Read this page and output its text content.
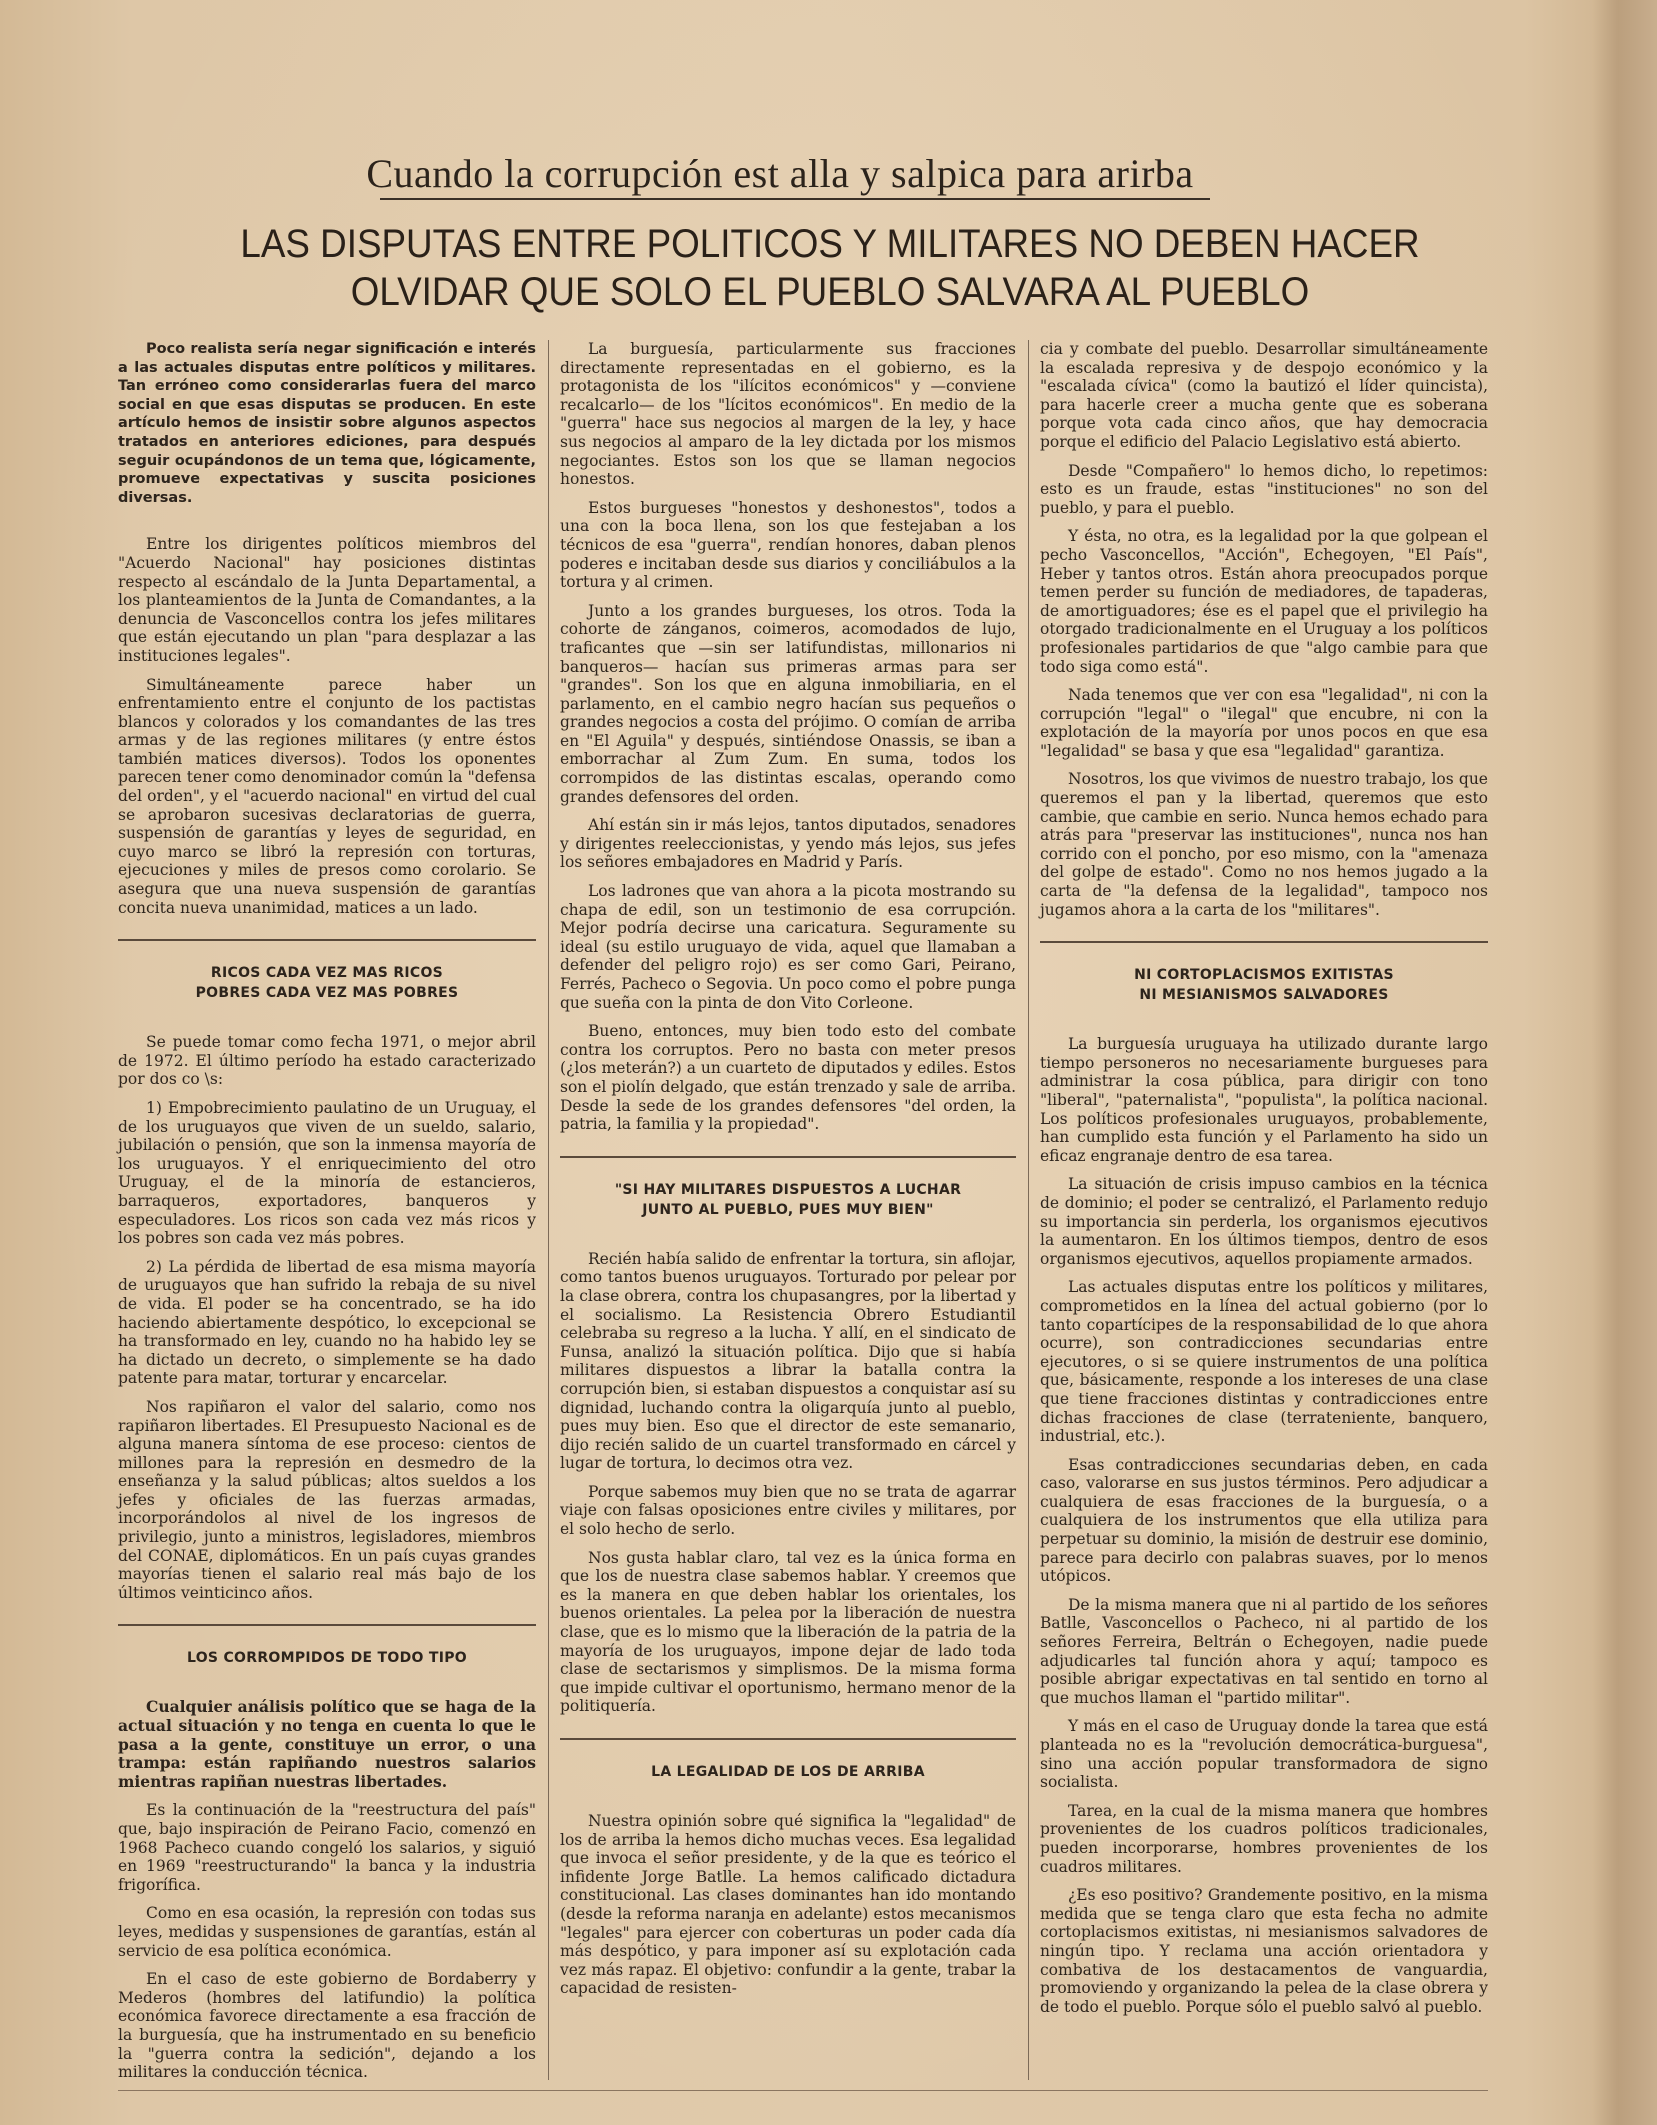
Cuando la corrupción est alla y salpica para arirba
LAS DISPUTAS ENTRE POLITICOS Y MILITARES NO DEBEN HACER
OLVIDAR QUE SOLO EL PUEBLO SALVARA AL PUEBLO

Poco realista sería negar significación e interés a las actuales disputas entre políticos y militares. Tan erróneo como considerarlas fuera del marco social en que esas disputas se producen. En este artículo hemos de insistir sobre algunos aspectos tratados en anteriores ediciones, para después seguir ocupándonos de un tema que, lógicamente, promueve expectativas y suscita posiciones diversas.

Entre los dirigentes políticos miembros del "Acuerdo Nacional" hay posiciones distintas respecto al escándalo de la Junta Departamental, a los planteamientos de la Junta de Comandantes, a la denuncia de Vasconcellos contra los jefes militares que están ejecutando un plan "para desplazar a las instituciones legales".

Simultáneamente parece haber un enfrentamiento entre el conjunto de los pactistas blancos y colorados y los comandantes de las tres armas y de las regiones militares (y entre éstos también matices diversos). Todos los oponentes parecen tener como denominador común la "defensa del orden", y el "acuerdo nacional" en virtud del cual se aprobaron sucesivas declaratorias de guerra, suspensión de garantías y leyes de seguridad, en cuyo marco se libró la represión con torturas, ejecuciones y miles de presos como corolario. Se asegura que una nueva suspensión de garantías concita nueva unanimidad, matices a un lado.

RICOS CADA VEZ MAS RICOS
POBRES CADA VEZ MAS POBRES

Se puede tomar como fecha 1971, o mejor abril de 1972. El último período ha estado caracterizado por dos co \s:

1) Empobrecimiento paulatino de un Uruguay, el de los uruguayos que viven de un sueldo, salario, jubilación o pensión, que son la inmensa mayoría de los uruguayos. Y el enriquecimiento del otro Uruguay, el de la minoría de estancieros, barraqueros, exportadores, banqueros y especuladores. Los ricos son cada vez más ricos y los pobres son cada vez más pobres.

2) La pérdida de libertad de esa misma mayoría de uruguayos que han sufrido la rebaja de su nivel de vida. El poder se ha concentrado, se ha ido haciendo abiertamente despótico, lo excepcional se ha transformado en ley, cuando no ha habido ley se ha dictado un decreto, o simplemente se ha dado patente para matar, torturar y encarcelar.

Nos rapiñaron el valor del salario, como nos rapiñaron libertades. El Presupuesto Nacional es de alguna manera síntoma de ese proceso: cientos de millones para la represión en desmedro de la enseñanza y la salud públicas; altos sueldos a los jefes y oficiales de las fuerzas armadas, incorporándolos al nivel de los ingresos de privilegio, junto a ministros, legisladores, miembros del CONAE, diplomáticos. En un país cuyas grandes mayorías tienen el salario real más bajo de los últimos veinticinco años.

LOS CORROMPIDOS DE TODO TIPO

Cualquier análisis político que se haga de la actual situación y no tenga en cuenta lo que le pasa a la gente, constituye un error, o una trampa: están rapiñando nuestros salarios mientras rapiñan nuestras libertades.

Es la continuación de la "reestructura del país" que, bajo inspiración de Peirano Facio, comenzó en 1968 Pacheco cuando congeló los salarios, y siguió en 1969 "reestructurando" la banca y la industria frigorífica.

Como en esa ocasión, la represión con todas sus leyes, medidas y suspensiones de garantías, están al servicio de esa política económica.

En el caso de este gobierno de Bordaberry y Mederos (hombres del latifundio) la política económica favorece directamente a esa fracción de la burguesía, que ha instrumentado en su beneficio la "guerra contra la sedición", dejando a los militares la conducción técnica.

La burguesía, particularmente sus fracciones directamente representadas en el gobierno, es la protagonista de los "ilícitos económicos" y —conviene recalcarlo— de los "lícitos económicos". En medio de la "guerra" hace sus negocios al margen de la ley, y hace sus negocios al amparo de la ley dictada por los mismos negociantes. Estos son los que se llaman negocios honestos.

Estos burgueses "honestos y deshonestos", todos a una con la boca llena, son los que festejaban a los técnicos de esa "guerra", rendían honores, daban plenos poderes e incitaban desde sus diarios y conciliábulos a la tortura y al crimen.

Junto a los grandes burgueses, los otros. Toda la cohorte de zánganos, coimeros, acomodados de lujo, traficantes que —sin ser latifundistas, millonarios ni banqueros— hacían sus primeras armas para ser "grandes". Son los que en alguna inmobiliaria, en el parlamento, en el cambio negro hacían sus pequeños o grandes negocios a costa del prójimo. O comían de arriba en "El Aguila" y después, sintiéndose Onassis, se iban a emborrachar al Zum Zum. En suma, todos los corrompidos de las distintas escalas, operando como grandes defensores del orden.

Ahí están sin ir más lejos, tantos diputados, senadores y dirigentes reeleccionistas, y yendo más lejos, sus jefes los señores embajadores en Madrid y París.

Los ladrones que van ahora a la picota mostrando su chapa de edil, son un testimonio de esa corrupción. Mejor podría decirse una caricatura. Seguramente su ideal (su estilo uruguayo de vida, aquel que llamaban a defender del peligro rojo) es ser como Gari, Peirano, Ferrés, Pacheco o Segovia. Un poco como el pobre punga que sueña con la pinta de don Vito Corleone.

Bueno, entonces, muy bien todo esto del combate contra los corruptos. Pero no basta con meter presos (¿los meterán?) a un cuarteto de diputados y ediles. Estos son el piolín delgado, que están trenzado y sale de arriba. Desde la sede de los grandes defensores "del orden, la patria, la familia y la propiedad".

"SI HAY MILITARES DISPUESTOS A LUCHAR
JUNTO AL PUEBLO, PUES MUY BIEN"

Recién había salido de enfrentar la tortura, sin aflojar, como tantos buenos uruguayos. Torturado por pelear por la clase obrera, contra los chupasangres, por la libertad y el socialismo. La Resistencia Obrero Estudiantil celebraba su regreso a la lucha. Y allí, en el sindicato de Funsa, analizó la situación política. Dijo que si había militares dispuestos a librar la batalla contra la corrupción bien, si estaban dispuestos a conquistar así su dignidad, luchando contra la oligarquía junto al pueblo, pues muy bien. Eso que el director de este semanario, dijo recién salido de un cuartel transformado en cárcel y lugar de tortura, lo decimos otra vez.

Porque sabemos muy bien que no se trata de agarrar viaje con falsas oposiciones entre civiles y militares, por el solo hecho de serlo.

Nos gusta hablar claro, tal vez es la única forma en que los de nuestra clase sabemos hablar. Y creemos que es la manera en que deben hablar los orientales, los buenos orientales. La pelea por la liberación de nuestra clase, que es lo mismo que la liberación de la patria de la mayoría de los uruguayos, impone dejar de lado toda clase de sectarismos y simplismos. De la misma forma que impide cultivar el oportunismo, hermano menor de la politiquería.

LA LEGALIDAD DE LOS DE ARRIBA

Nuestra opinión sobre qué significa la "legalidad" de los de arriba la hemos dicho muchas veces. Esa legalidad que invoca el señor presidente, y de la que es teórico el infidente Jorge Batlle. La hemos calificado dictadura constitucional. Las clases dominantes han ido montando (desde la reforma naranja en adelante) estos mecanismos "legales" para ejercer con coberturas un poder cada día más despótico, y para imponer así su explotación cada vez más rapaz. El objetivo: confundir a la gente, trabar la capacidad de resisten-

cia y combate del pueblo. Desarrollar simultáneamente la escalada represiva y de despojo económico y la "escalada cívica" (como la bautizó el líder quincista), para hacerle creer a mucha gente que es soberana porque vota cada cinco años, que hay democracia porque el edificio del Palacio Legislativo está abierto.

Desde "Compañero" lo hemos dicho, lo repetimos: esto es un fraude, estas "instituciones" no son del pueblo, y para el pueblo.

Y ésta, no otra, es la legalidad por la que golpean el pecho Vasconcellos, "Acción", Echegoyen, "El País", Heber y tantos otros. Están ahora preocupados porque temen perder su función de mediadores, de tapaderas, de amortiguadores; ése es el papel que el privilegio ha otorgado tradicionalmente en el Uruguay a los políticos profesionales partidarios de que "algo cambie para que todo siga como está".

Nada tenemos que ver con esa "legalidad", ni con la corrupción "legal" o "ilegal" que encubre, ni con la explotación de la mayoría por unos pocos en que esa "legalidad" se basa y que esa "legalidad" garantiza.

Nosotros, los que vivimos de nuestro trabajo, los que queremos el pan y la libertad, queremos que esto cambie, que cambie en serio. Nunca hemos echado para atrás para "preservar las instituciones", nunca nos han corrido con el poncho, por eso mismo, con la "amenaza del golpe de estado". Como no nos hemos jugado a la carta de "la defensa de la legalidad", tampoco nos jugamos ahora a la carta de los "militares".

NI CORTOPLACISMOS EXITISTAS
NI MESIANISMOS SALVADORES

La burguesía uruguaya ha utilizado durante largo tiempo personeros no necesariamente burgueses para administrar la cosa pública, para dirigir con tono "liberal", "paternalista", "populista", la política nacional. Los políticos profesionales uruguayos, probablemente, han cumplido esta función y el Parlamento ha sido un eficaz engranaje dentro de esa tarea.

La situación de crisis impuso cambios en la técnica de dominio; el poder se centralizó, el Parlamento redujo su importancia sin perderla, los organismos ejecutivos la aumentaron. En los últimos tiempos, dentro de esos organismos ejecutivos, aquellos propiamente armados.

Las actuales disputas entre los políticos y militares, comprometidos en la línea del actual gobierno (por lo tanto copartícipes de la responsabilidad de lo que ahora ocurre), son contradicciones secundarias entre ejecutores, o si se quiere instrumentos de una política que, básicamente, responde a los intereses de una clase que tiene fracciones distintas y contradicciones entre dichas fracciones de clase (terrateniente, banquero, industrial, etc.).

Esas contradicciones secundarias deben, en cada caso, valorarse en sus justos términos. Pero adjudicar a cualquiera de esas fracciones de la burguesía, o a cualquiera de los instrumentos que ella utiliza para perpetuar su dominio, la misión de destruir ese dominio, parece para decirlo con palabras suaves, por lo menos utópicos.

De la misma manera que ni al partido de los señores Batlle, Vasconcellos o Pacheco, ni al partido de los señores Ferreira, Beltrán o Echegoyen, nadie puede adjudicarles tal función ahora y aquí; tampoco es posible abrigar expectativas en tal sentido en torno al que muchos llaman el "partido militar".

Y más en el caso de Uruguay donde la tarea que está planteada no es la "revolución democrática-burguesa", sino una acción popular transformadora de signo socialista.

Tarea, en la cual de la misma manera que hombres provenientes de los cuadros políticos tradicionales, pueden incorporarse, hombres provenientes de los cuadros militares.

¿Es eso positivo? Grandemente positivo, en la misma medida que se tenga claro que esta fecha no admite cortoplacismos exitistas, ni mesianismos salvadores de ningún tipo. Y reclama una acción orientadora y combativa de los destacamentos de vanguardia, promoviendo y organizando la pelea de la clase obrera y de todo el pueblo. Porque sólo el pueblo salvó al pueblo.
